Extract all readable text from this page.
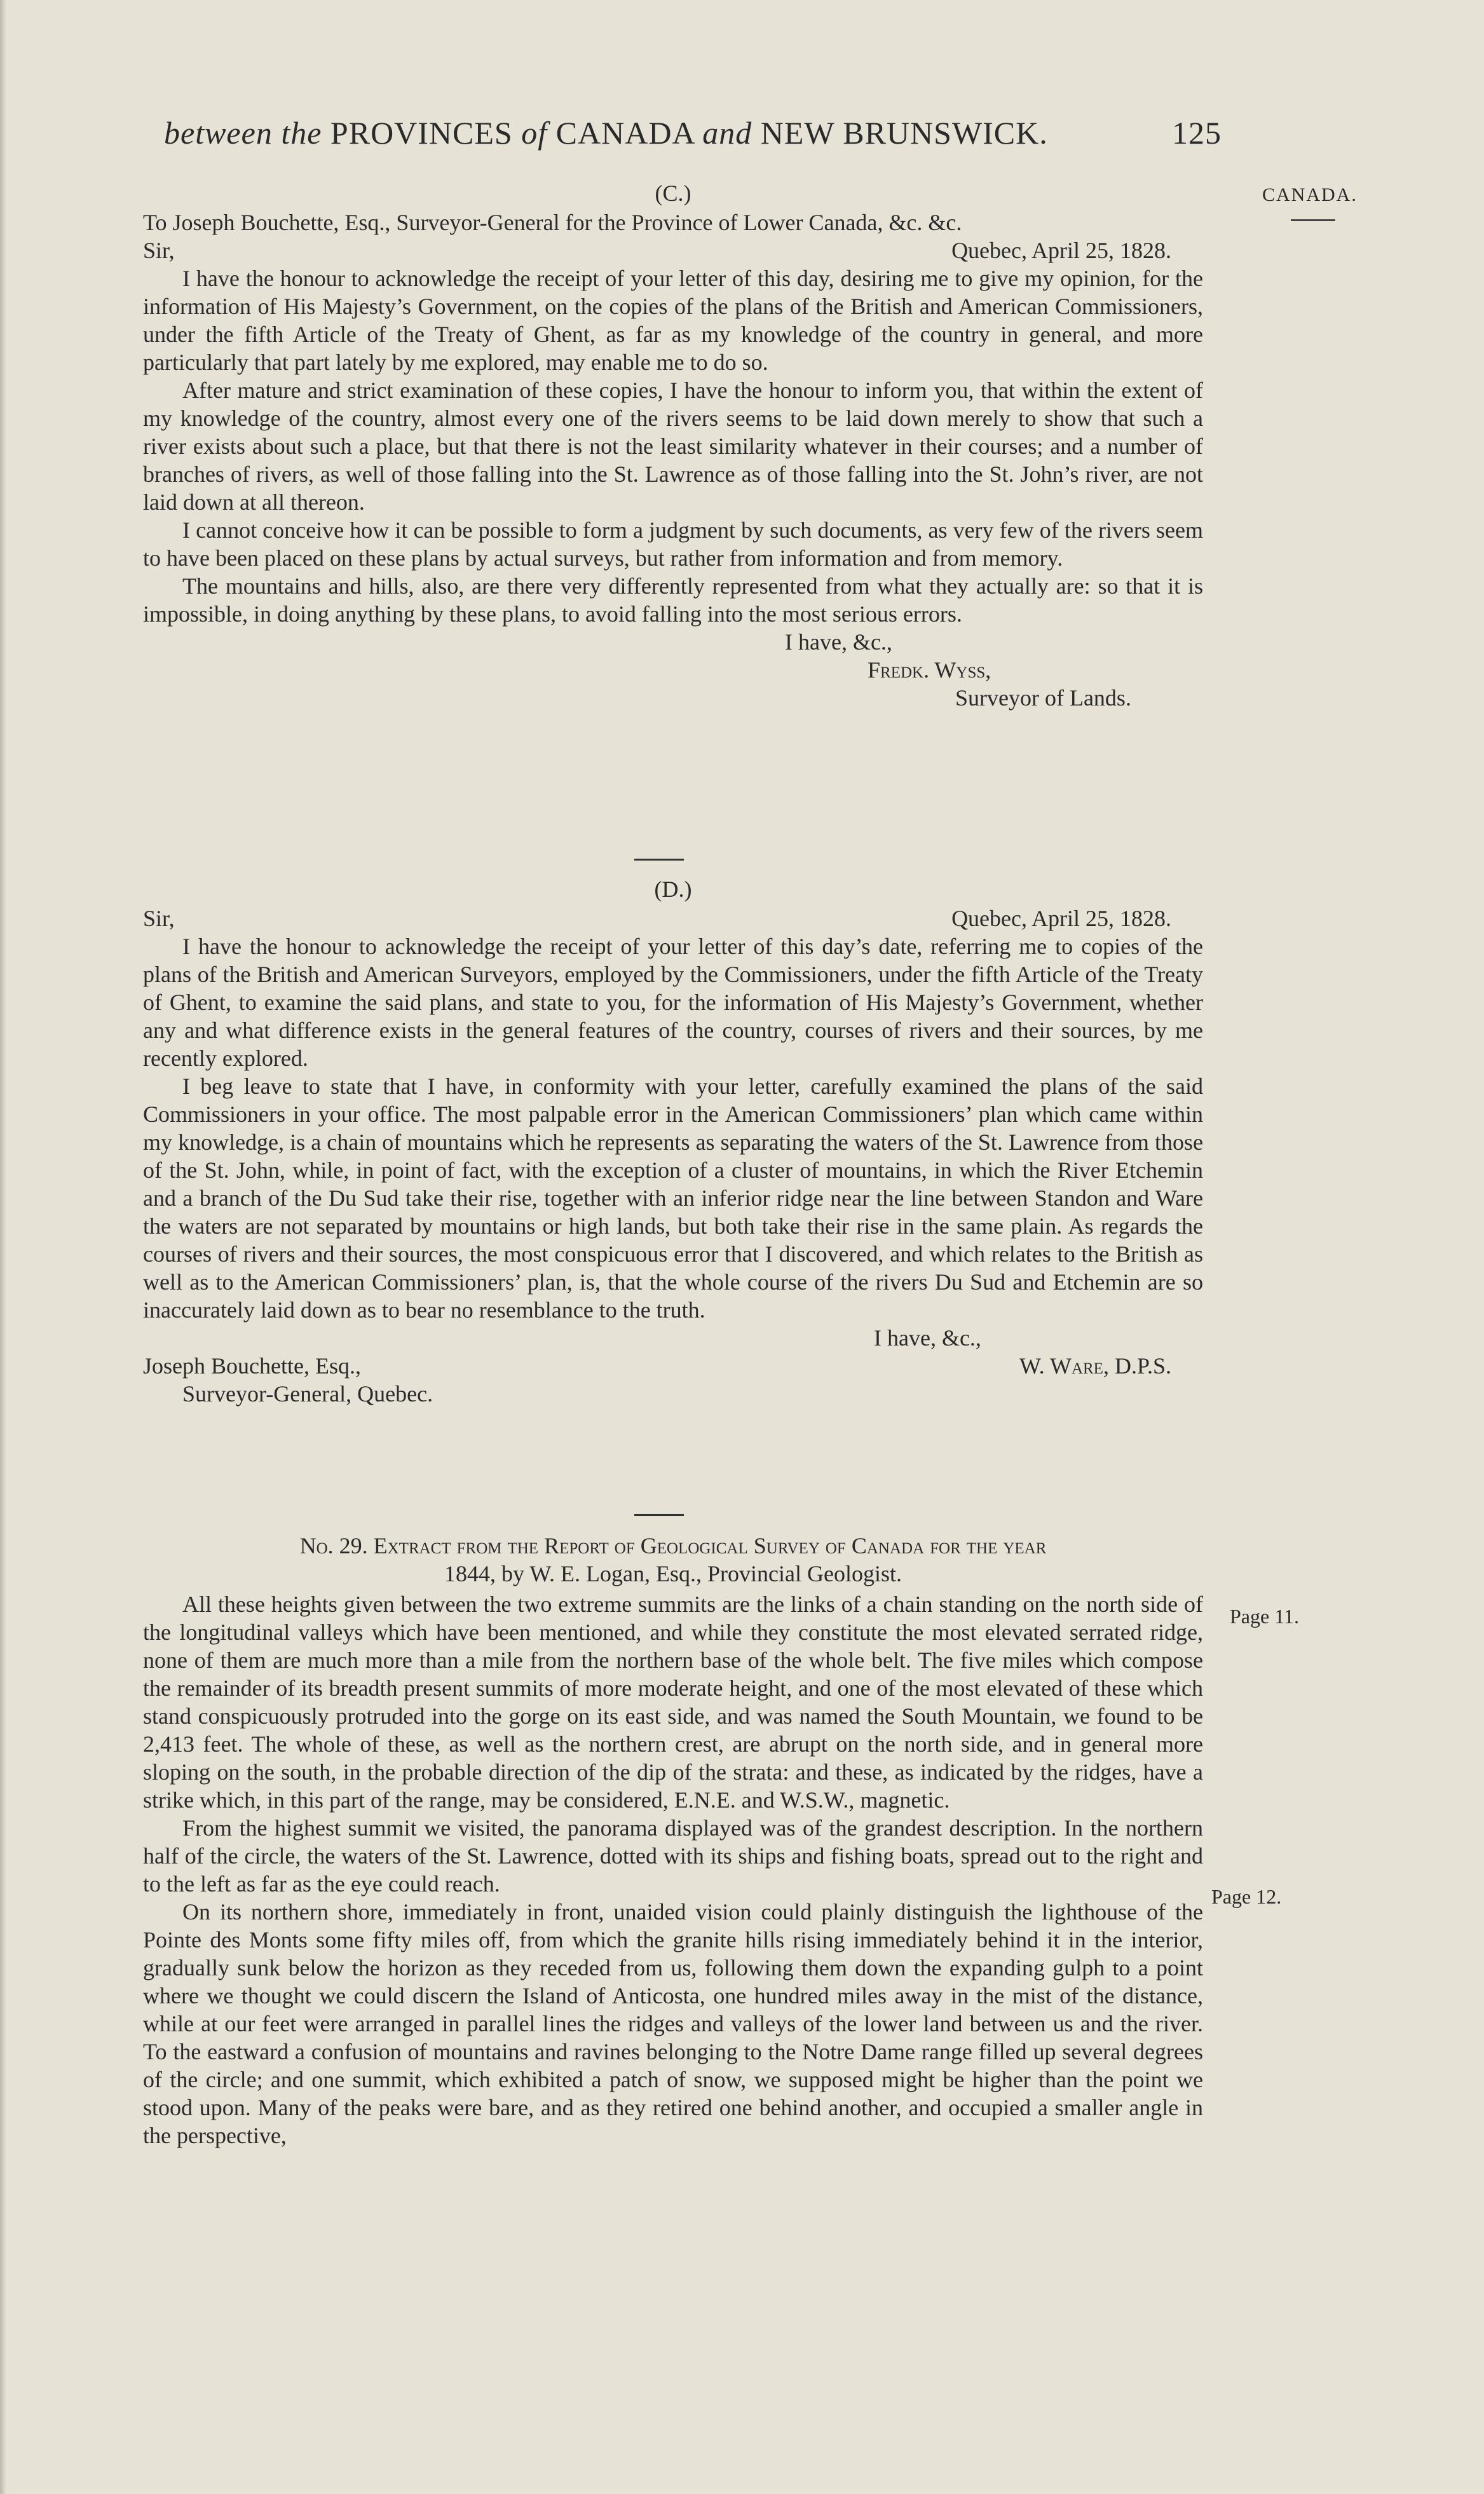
between the PROVINCES of CANADA and NEW BRUNSWICK.	125
CANADA.
Page 11.
Page 12.
(C.)
To Joseph Bouchette, Esq., Surveyor-General for the Province of Lower Canada, &c. &c.
Sir,	Quebec, April 25, 1828.

I have the honour to acknowledge the receipt of your letter of this day, desiring me to give my opinion, for the information of His Majesty’s Government, on the copies of the plans of the British and American Commissioners, under the fifth Article of the Treaty of Ghent, as far as my knowledge of the country in general, and more particularly that part lately by me explored, may enable me to do so.

After mature and strict examination of these copies, I have the honour to inform you, that within the extent of my knowledge of the country, almost every one of the rivers seems to be laid down merely to show that such a river exists about such a place, but that there is not the least similarity whatever in their courses; and a number of branches of rivers, as well of those falling into the St. Lawrence as of those falling into the St. John’s river, are not laid down at all thereon.

I cannot conceive how it can be possible to form a judgment by such documents, as very few of the rivers seem to have been placed on these plans by actual surveys, but rather from information and from memory.

The mountains and hills, also, are there very differently represented from what they actually are: so that it is impossible, in doing anything by these plans, to avoid falling into the most serious errors.

I have, &c.,
Fredk. Wyss,
Surveyor of Lands.
(D.)
Sir,	Quebec, April 25, 1828.

I have the honour to acknowledge the receipt of your letter of this day’s date, referring me to copies of the plans of the British and American Surveyors, employed by the Commissioners, under the fifth Article of the Treaty of Ghent, to examine the said plans, and state to you, for the information of His Majesty’s Government, whether any and what difference exists in the general features of the country, courses of rivers and their sources, by me recently explored.

I beg leave to state that I have, in conformity with your letter, carefully examined the plans of the said Commissioners in your office. The most palpable error in the American Commissioners’ plan which came within my knowledge, is a chain of mountains which he represents as separating the waters of the St. Lawrence from those of the St. John, while, in point of fact, with the exception of a cluster of mountains, in which the River Etchemin and a branch of the Du Sud take their rise, together with an inferior ridge near the line between Standon and Ware the waters are not separated by mountains or high lands, but both take their rise in the same plain. As regards the courses of rivers and their sources, the most conspicuous error that I discovered, and which relates to the British as well as to the American Commissioners’ plan, is, that the whole course of the rivers Du Sud and Etchemin are so inaccurately laid down as to bear no resemblance to the truth.

I have, &c.,
Joseph Bouchette, Esq.,	W. Ware, D.P.S.
Surveyor-General, Quebec.
No. 29. Extract from the Report of Geological Survey of Canada for the year
1844, by W. E. Logan, Esq., Provincial Geologist.

All these heights given between the two extreme summits are the links of a chain standing on the north side of the longitudinal valleys which have been mentioned, and while they constitute the most elevated serrated ridge, none of them are much more than a mile from the northern base of the whole belt. The five miles which compose the remainder of its breadth present summits of more moderate height, and one of the most elevated of these which stand conspicuously protruded into the gorge on its east side, and was named the South Mountain, we found to be 2,413 feet. The whole of these, as well as the northern crest, are abrupt on the north side, and in general more sloping on the south, in the probable direction of the dip of the strata: and these, as indicated by the ridges, have a strike which, in this part of the range, may be considered, E.N.E. and W.S.W., magnetic.

From the highest summit we visited, the panorama displayed was of the grandest description. In the northern half of the circle, the waters of the St. Lawrence, dotted with its ships and fishing boats, spread out to the right and to the left as far as the eye could reach.

On its northern shore, immediately in front, unaided vision could plainly distinguish the lighthouse of the Pointe des Monts some fifty miles off, from which the granite hills rising immediately behind it in the interior, gradually sunk below the horizon as they receded from us, following them down the expanding gulph to a point where we thought we could discern the Island of Anticosta, one hundred miles away in the mist of the distance, while at our feet were arranged in parallel lines the ridges and valleys of the lower land between us and the river. To the eastward a confusion of mountains and ravines belonging to the Notre Dame range filled up several degrees of the circle; and one summit, which exhibited a patch of snow, we supposed might be higher than the point we stood upon. Many of the peaks were bare, and as they retired one behind another, and occupied a smaller angle in the perspective,
